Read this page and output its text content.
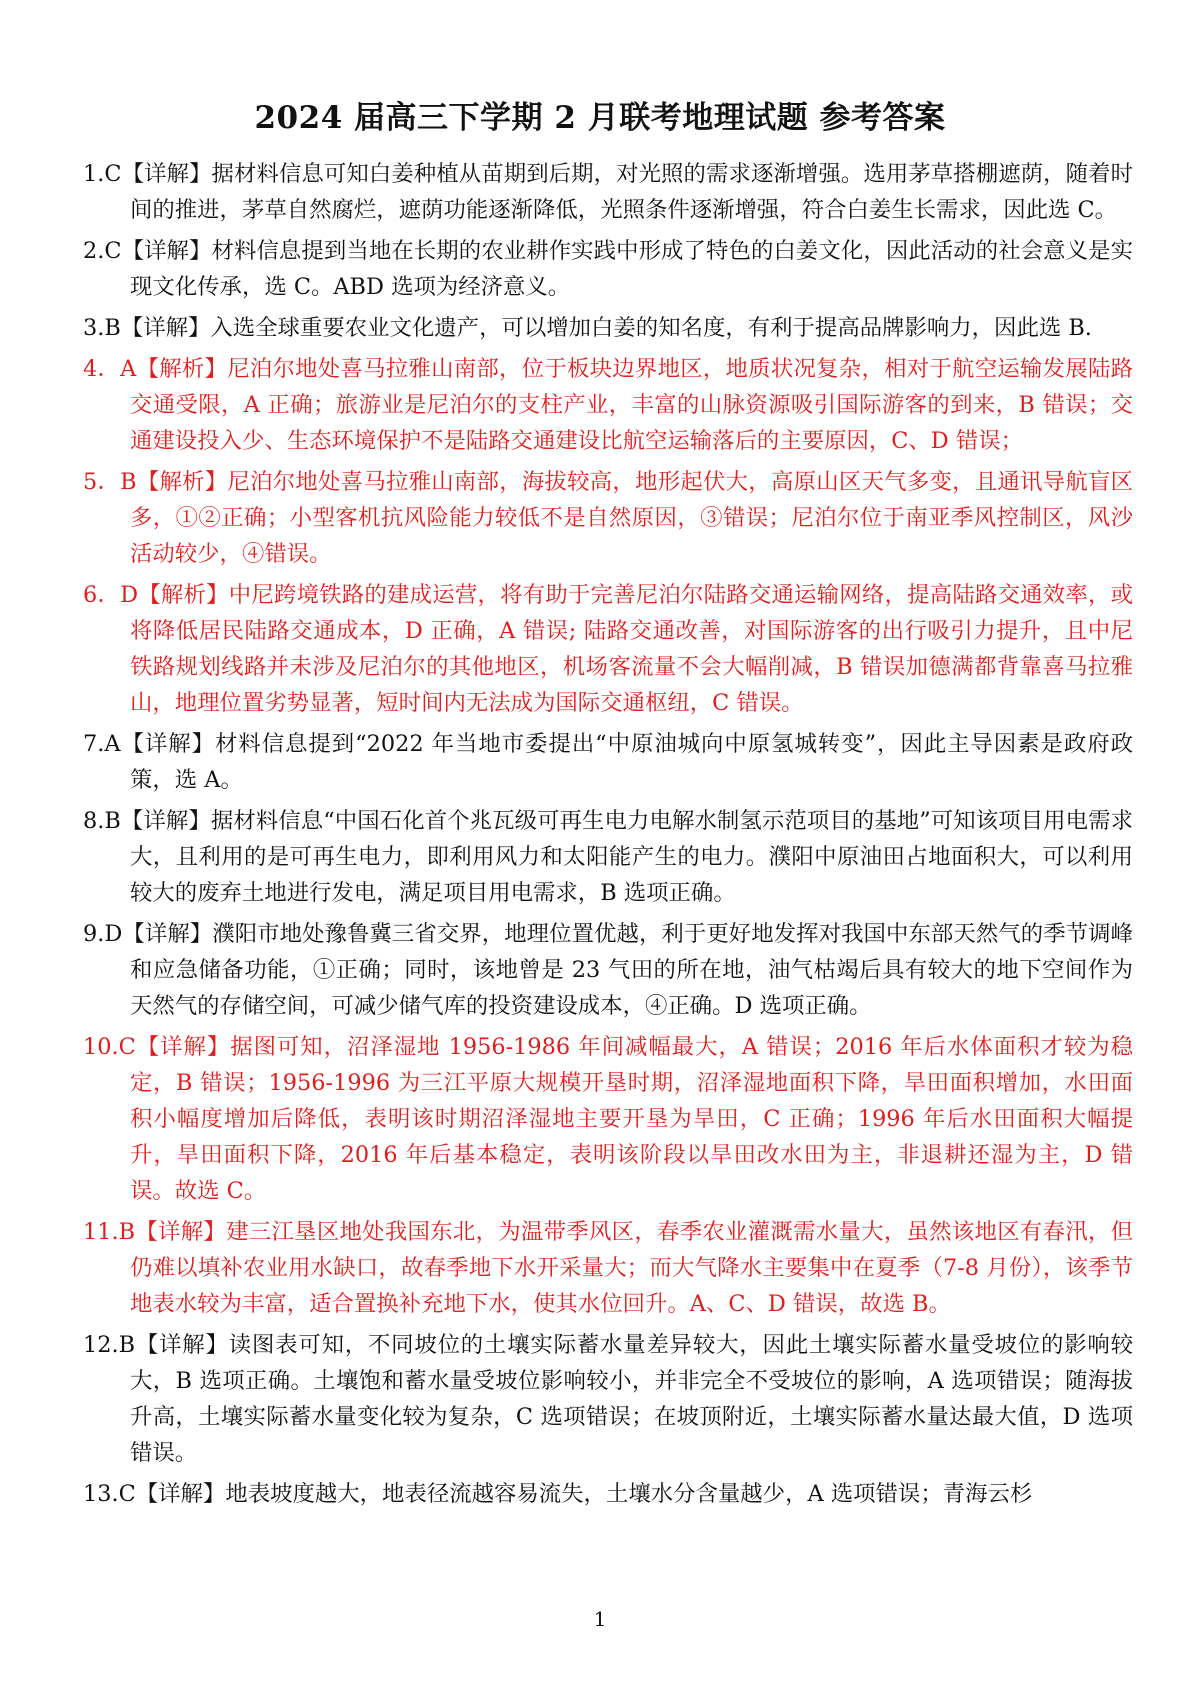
2024 届高三下学期 2 月联考地理试题 参考答案
1.C【详解】据材料信息可知白姜种植从苗期到后期，对光照的需求逐渐增强。选用茅草搭棚遮荫，随着时间的推进，茅草自然腐烂，遮荫功能逐渐降低，光照条件逐渐增强，符合白姜生长需求，因此选 C。
2.C【详解】材料信息提到当地在长期的农业耕作实践中形成了特色的白姜文化，因此活动的社会意义是实现文化传承，选 C。ABD 选项为经济意义。
3.B【详解】入选全球重要农业文化遗产，可以增加白姜的知名度，有利于提高品牌影响力，因此选 B.
4．A【解析】尼泊尔地处喜马拉雅山南部，位于板块边界地区，地质状况复杂，相对于航空运输发展陆路交通受限，A 正确；旅游业是尼泊尔的支柱产业，丰富的山脉资源吸引国际游客的到来，B 错误；交通建设投入少、生态环境保护不是陆路交通建设比航空运输落后的主要原因，C、D 错误；
5．B【解析】尼泊尔地处喜马拉雅山南部，海拔较高，地形起伏大，高原山区天气多变，且通讯导航盲区多，①②正确；小型客机抗风险能力较低不是自然原因，③错误；尼泊尔位于南亚季风控制区，风沙活动较少，④错误。
6．D【解析】中尼跨境铁路的建成运营，将有助于完善尼泊尔陆路交通运输网络，提高陆路交通效率，或将降低居民陆路交通成本，D 正确，A 错误; 陆路交通改善，对国际游客的出行吸引力提升，且中尼铁路规划线路并未涉及尼泊尔的其他地区，机场客流量不会大幅削减，B 错误加德满都背靠喜马拉雅山，地理位置劣势显著，短时间内无法成为国际交通枢纽，C 错误。
7.A【详解】材料信息提到“2022 年当地市委提出“中原油城向中原氢城转变”，因此主导因素是政府政策，选 A。
8.B【详解】据材料信息“中国石化首个兆瓦级可再生电力电解水制氢示范项目的基地”可知该项目用电需求大，且利用的是可再生电力，即利用风力和太阳能产生的电力。濮阳中原油田占地面积大，可以利用较大的废弃土地进行发电，满足项目用电需求，B 选项正确。
9.D【详解】濮阳市地处豫鲁冀三省交界，地理位置优越，利于更好地发挥对我国中东部天然气的季节调峰和应急储备功能，①正确；同时，该地曾是 23 气田的所在地，油气枯竭后具有较大的地下空间作为天然气的存储空间，可减少储气库的投资建设成本，④正确。D 选项正确。
10.C【详解】据图可知，沼泽湿地 1956-1986 年间减幅最大，A 错误；2016 年后水体面积才较为稳定，B 错误；1956-1996 为三江平原大规模开垦时期，沼泽湿地面积下降，旱田面积增加，水田面积小幅度增加后降低，表明该时期沼泽湿地主要开垦为旱田，C 正确；1996 年后水田面积大幅提升，旱田面积下降，2016 年后基本稳定，表明该阶段以旱田改水田为主，非退耕还湿为主，D 错误。故选 C。
11.B【详解】建三江垦区地处我国东北，为温带季风区，春季农业灌溉需水量大，虽然该地区有春汛，但仍难以填补农业用水缺口，故春季地下水开采量大；而大气降水主要集中在夏季（7-8 月份），该季节地表水较为丰富，适合置换补充地下水，使其水位回升。A、C、D 错误，故选 B。
12.B【详解】读图表可知，不同坡位的土壤实际蓄水量差异较大，因此土壤实际蓄水量受坡位的影响较大，B 选项正确。土壤饱和蓄水量受坡位影响较小，并非完全不受坡位的影响，A 选项错误；随海拔升高，土壤实际蓄水量变化较为复杂，C 选项错误；在坡顶附近，土壤实际蓄水量达最大值，D 选项错误。
13.C【详解】地表坡度越大，地表径流越容易流失，土壤水分含量越少，A 选项错误；青海云杉
1
